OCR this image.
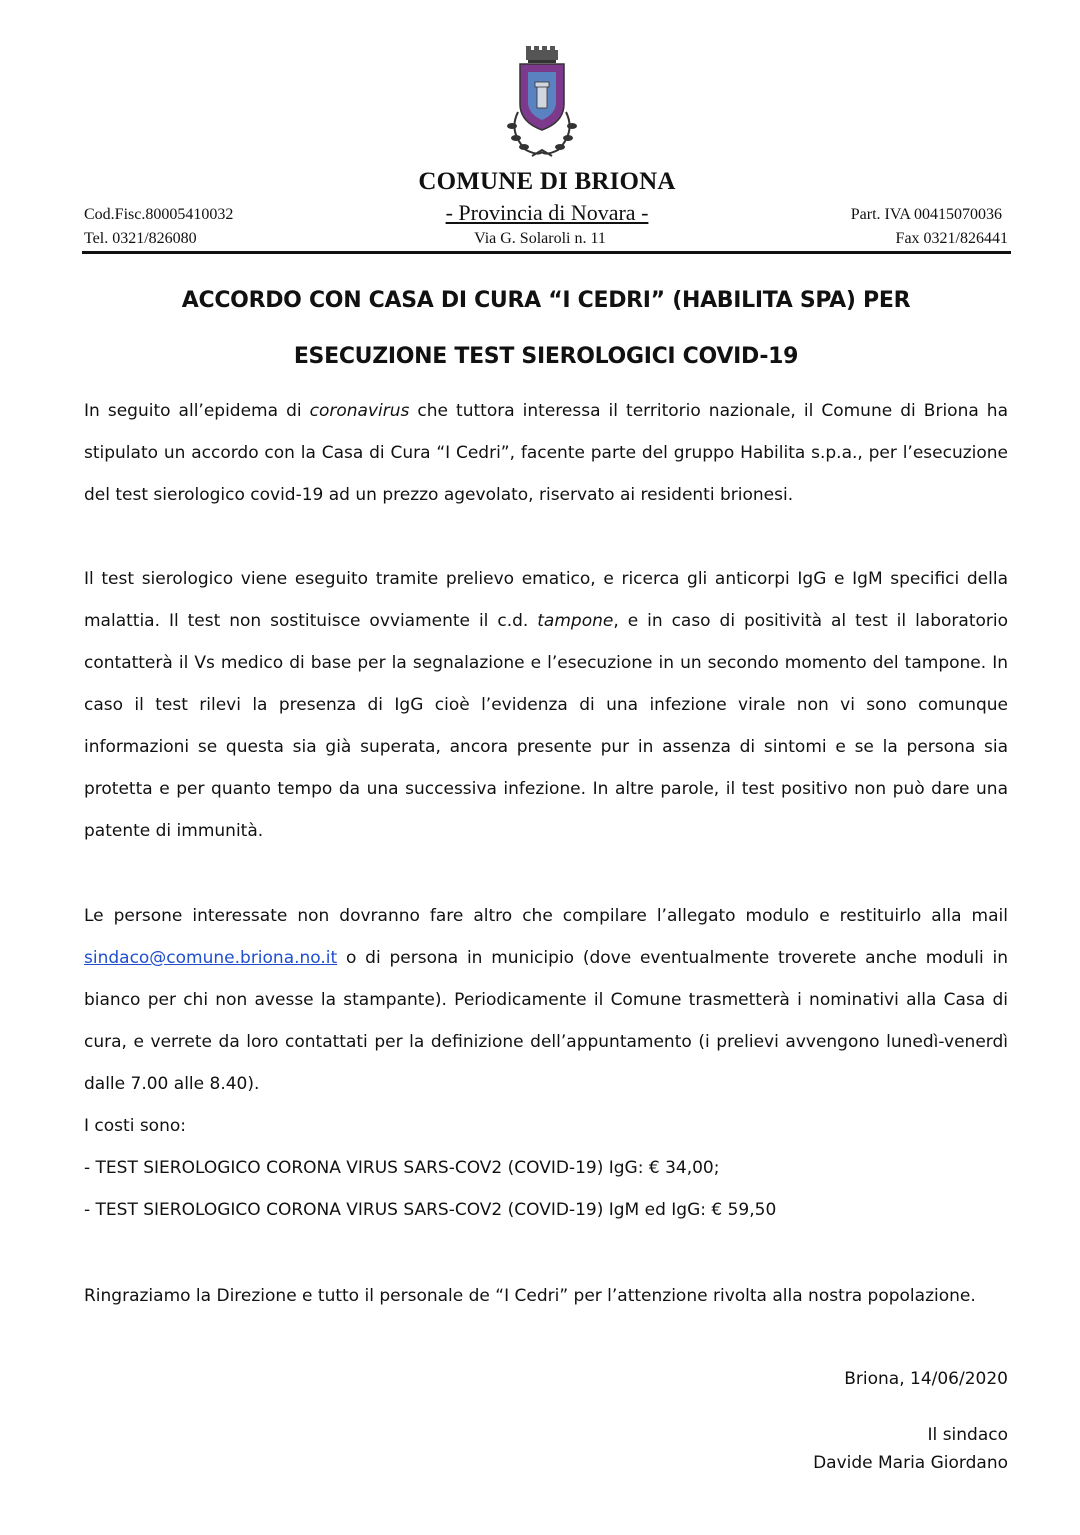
COMUNE DI BRIONA
Cod.Fisc.80005410032
Tel. 0321/826080
- Provincia di Novara -
Via G. Solaroli n. 11
Part. IVA 00415070036
Fax 0321/826441
ACCORDO CON CASA DI CURA “I CEDRI” (HABILITA SPA) PER
ESECUZIONE TEST SIEROLOGICI COVID-19

In seguito all’epidema di coronavirus che tuttora interessa il territorio nazionale, il Comune di Briona ha stipulato un accordo con la Casa di Cura “I Cedri”, facente parte del gruppo Habilita s.p.a., per l’esecuzione del test sierologico covid-19 ad un prezzo agevolato, riservato ai residenti brionesi.

Il test sierologico viene eseguito tramite prelievo ematico, e ricerca gli anticorpi IgG e IgM specifici della malattia. Il test non sostituisce ovviamente il c.d. tampone, e in caso di positività al test il laboratorio contatterà il Vs medico di base per la segnalazione e l’esecuzione in un secondo momento del tampone. In caso il test rilevi la presenza di IgG cioè l’evidenza di una infezione virale non vi sono comunque informazioni se questa sia già superata, ancora presente pur in assenza di sintomi e se la persona sia protetta e per quanto tempo da una successiva infezione. In altre parole, il test positivo non può dare una patente di immunità.

Le persone interessate non dovranno fare altro che compilare l’allegato modulo e restituirlo alla mail sindaco@comune.briona.no.it o di persona in municipio (dove eventualmente troverete anche moduli in bianco per chi non avesse la stampante). Periodicamente il Comune trasmetterà i nominativi alla Casa di cura, e verrete da loro contattati per la definizione dell’appuntamento (i prelievi avvengono lunedì-venerdì dalle 7.00 alle 8.40).

I costi sono:

- TEST SIEROLOGICO CORONA VIRUS SARS-COV2 (COVID-19) IgG: € 34,00;

- TEST SIEROLOGICO CORONA VIRUS SARS-COV2 (COVID-19) IgM ed IgG: € 59,50

Ringraziamo la Direzione e tutto il personale de “I Cedri” per l’attenzione rivolta alla nostra popolazione.

Briona, 14/06/2020
Il sindaco
Davide Maria Giordano
